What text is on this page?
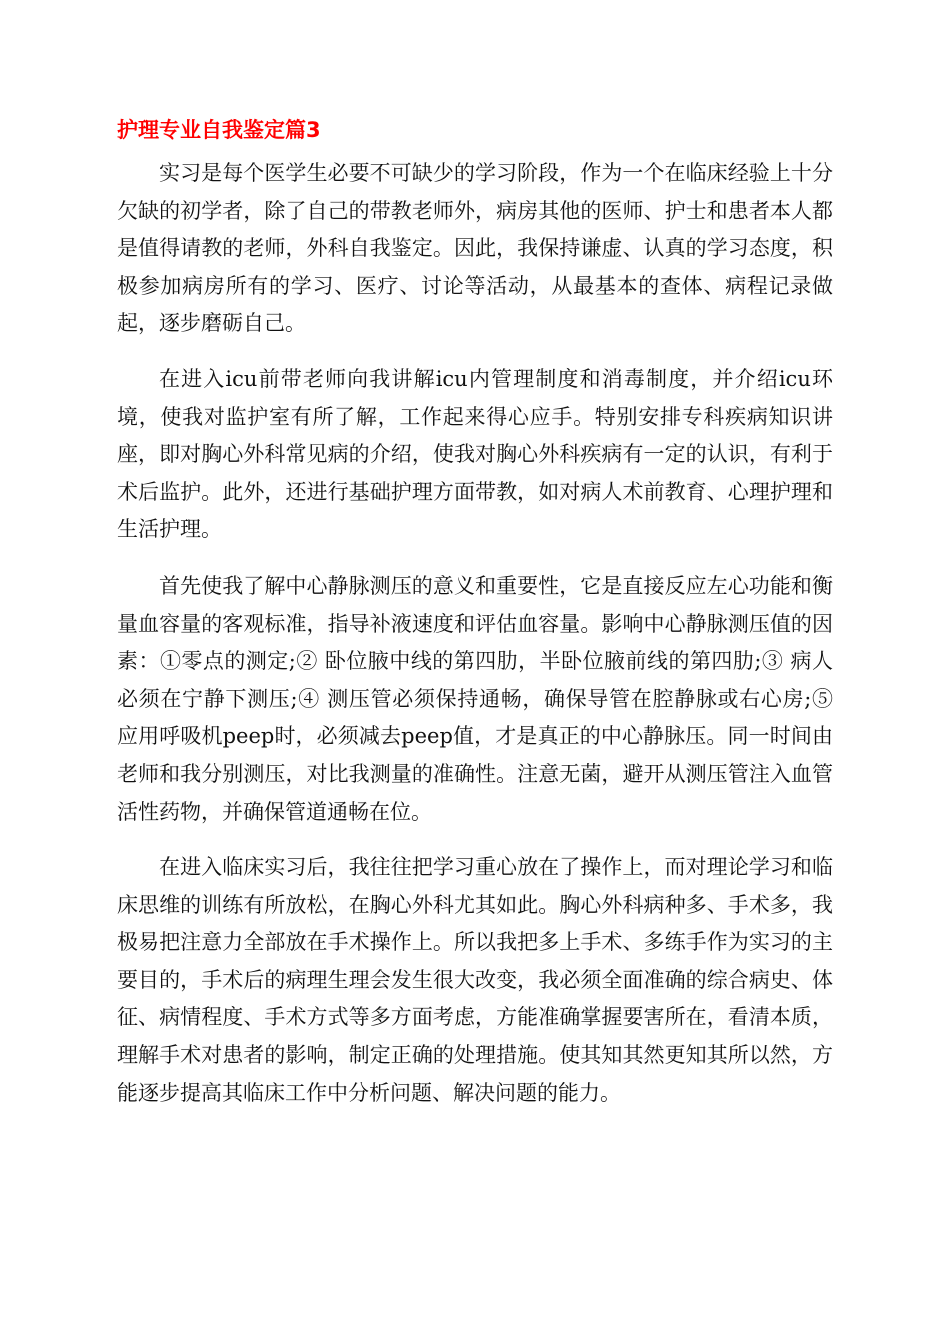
护理专业自我鉴定篇3

实习是每个医学生必要不可缺少的学习阶段，作为一个在临床经验上十分欠缺的初学者，除了自己的带教老师外，病房其他的医师、护士和患者本人都是值得请教的老师，外科自我鉴定。因此，我保持谦虚、认真的学习态度，积极参加病房所有的学习、医疗、讨论等活动，从最基本的查体、病程记录做起，逐步磨砺自己。

在进入icu前带老师向我讲解icu内管理制度和消毒制度，并介绍icu环境，使我对监护室有所了解，工作起来得心应手。特别安排专科疾病知识讲座，即对胸心外科常见病的介绍，使我对胸心外科疾病有一定的认识，有利于术后监护。此外，还进行基础护理方面带教，如对病人术前教育、心理护理和生活护理。

首先使我了解中心静脉测压的意义和重要性，它是直接反应左心功能和衡量血容量的客观标准，指导补液速度和评估血容量。影响中心静脉测压值的因素：①零点的测定;② 卧位腋中线的第四肋，半卧位腋前线的第四肋;③ 病人必须在宁静下测压;④ 测压管必须保持通畅，确保导管在腔静脉或右心房;⑤ 应用呼吸机peep时，必须减去peep值，才是真正的中心静脉压。同一时间由老师和我分别测压，对比我测量的准确性。注意无菌，避开从测压管注入血管活性药物，并确保管道通畅在位。

在进入临床实习后，我往往把学习重心放在了操作上，而对理论学习和临床思维的训练有所放松，在胸心外科尤其如此。胸心外科病种多、手术多，我极易把注意力全部放在手术操作上。所以我把多上手术、多练手作为实习的主要目的，手术后的病理生理会发生很大改变，我必须全面准确的综合病史、体征、病情程度、手术方式等多方面考虑，方能准确掌握要害所在，看清本质，理解手术对患者的影响，制定正确的处理措施。使其知其然更知其所以然，方能逐步提高其临床工作中分析问题、解决问题的能力。
